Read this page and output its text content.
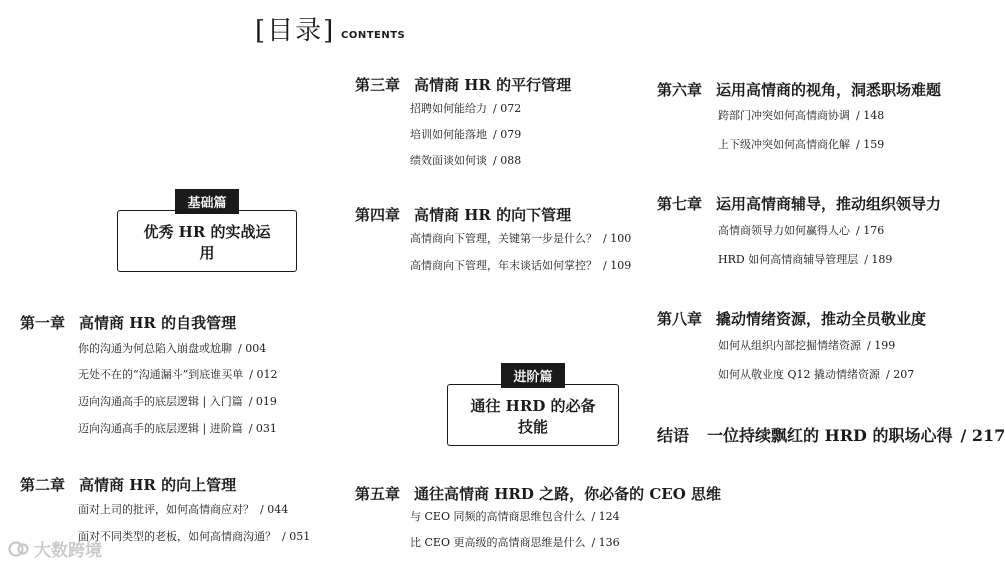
[目录] CONTENTS
基础篇
优秀 HR 的实战运用
进阶篇
通往 HRD 的必备技能
第一章 高情商 HR 的自我管理
你的沟通为何总陷入崩盘或尬聊 / 004
无处不在的“沟通漏斗”到底谁买单 / 012
迈向沟通高手的底层逻辑 | 入门篇 / 019
迈向沟通高手的底层逻辑 | 进阶篇 / 031
第二章 高情商 HR 的向上管理
面对上司的批评，如何高情商应对？ / 044
面对不同类型的老板，如何高情商沟通？ / 051
第三章 高情商 HR 的平行管理
招聘如何能给力 / 072
培训如何能落地 / 079
绩效面谈如何谈 / 088
第四章 高情商 HR 的向下管理
高情商向下管理，关键第一步是什么？ / 100
高情商向下管理，年末谈话如何掌控？ / 109
第五章 通往高情商 HRD 之路，你必备的 CEO 思维
与 CEO 同频的高情商思维包含什么 / 124
比 CEO 更高级的高情商思维是什么 / 136
第六章 运用高情商的视角，洞悉职场难题
跨部门冲突如何高情商协调 / 148
上下级冲突如何高情商化解 / 159
第七章 运用高情商辅导，推动组织领导力
高情商领导力如何赢得人心 / 176
HRD 如何高情商辅导管理层 / 189
第八章 撬动情绪资源，推动全员敬业度
如何从组织内部挖掘情绪资源 / 199
如何从敬业度 Q12 撬动情绪资源 / 207
结语 一位持续飘红的 HRD 的职场心得 / 217
大数跨境
